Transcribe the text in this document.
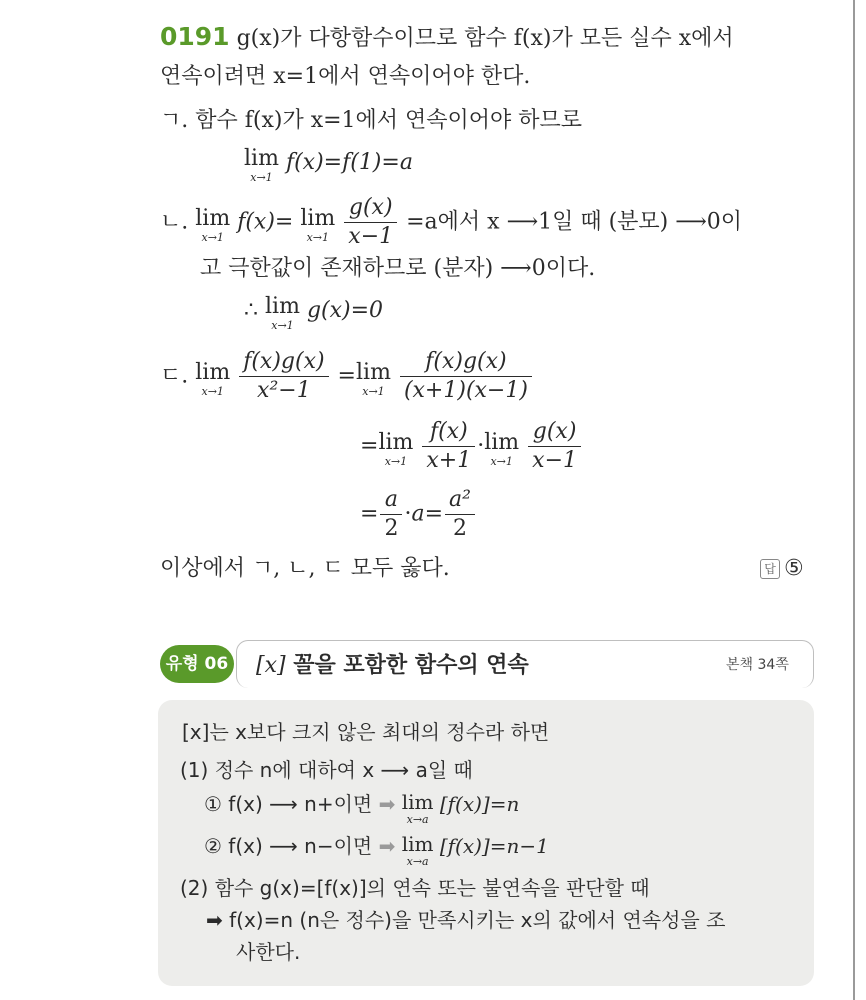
0191 g(x)가 다항함수이므로 함수 f(x)가 모든 실수 x에서
연속이려면 x=1에서 연속이어야 한다.
ㄱ. 함수 f(x)가 x=1에서 연속이어야 하므로
lim
x→1
f(x)=f(1)=a
ㄴ. lim
x→1
f(x)= lim
x→1
$\frac{g(x)}{x-1} =a$에서 x ⟶1일 때 (분모) ⟶0이
고 극한값이 존재하므로 (분자) ⟶0이다.
∴ lim
x→1
g(x)=0
ㄷ. lim
x→1
$\frac{f(x)g(x)}{\text{x²−1}} = \lim$
x→1
$\frac{f(x)g(x)}{(x+1)(x-1)}$
= lim
x→1
$\frac{f(x)}{x+1} \cdot \lim$
x→1
$\frac{g(x)}{x-1}$
= $\frac{a}{2} \cdot a= \frac{\text{a²}}{2}$
이상에서 ㄱ, ㄴ, ㄷ 모두 옳다.	답 ⑤
유형 06 [x] 꼴을 포함한 함수의 연속	본책 34쪽
[x]는 x보다 크지 않은 최대의 정수라 하면
(1) 정수 n에 대하여 x ⟶ a일 때
① f(x) ⟶ n+이면 ➡ lim
x→a
[f(x)]=n
② f(x) ⟶ n−이면 ➡ lim
x→a
[f(x)]=n−1
(2) 함수 g(x)=[f(x)]의 연속 또는 불연속을 판단할 때
➡ f(x)=n (n은 정수)을 만족시키는 x의 값에서 연속성을 조
사한다.
